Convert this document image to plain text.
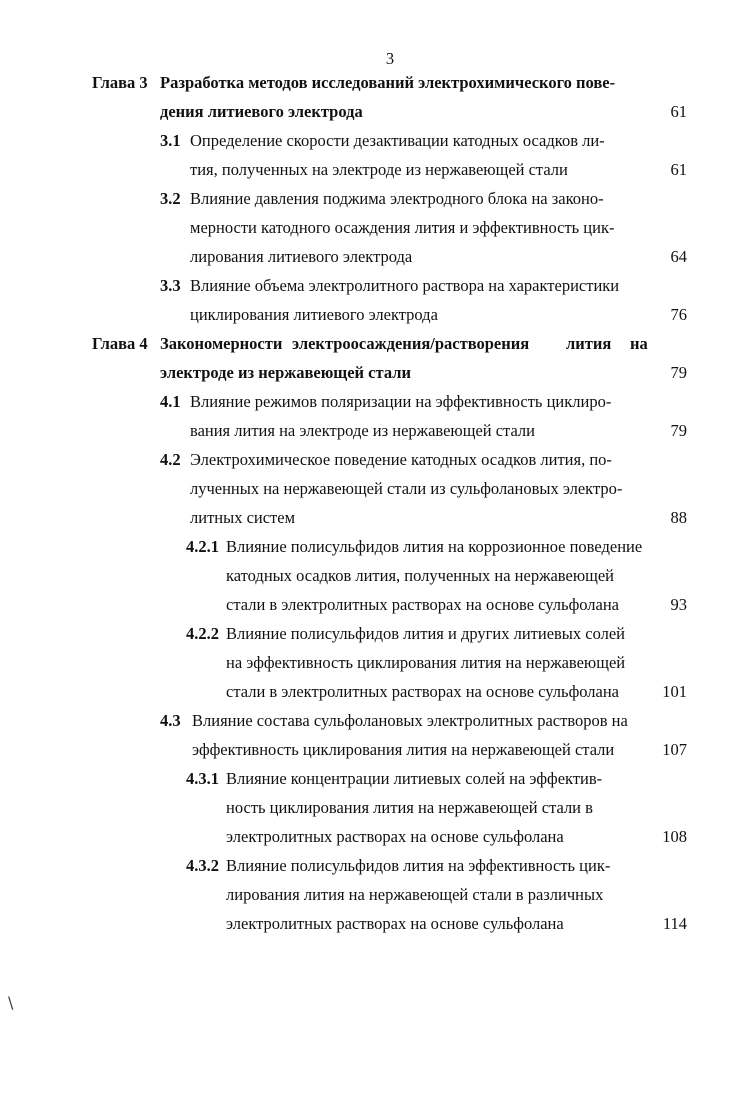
3
Глава 3 Разработка методов исследований электрохимического пове-
дения литиевого электрода	61
3.1 Определение скорости дезактивации катодных осадков ли-
тия, полученных на электроде из нержавеющей стали	61
3.2 Влияние давления поджима электродного блока на законо-
мерности катодного осаждения лития и эффективность цик-
лирования литиевого электрода	64
3.3 Влияние объема электролитного раствора на характеристики
циклирования литиевого электрода	76
Глава 4 Закономерности электроосаждения/растворения лития на
электроде из нержавеющей стали	79
4.1 Влияние режимов поляризации на эффективность циклиро-
вания лития на электроде из нержавеющей стали	79
4.2 Электрохимическое поведение катодных осадков лития, по-
лученных на нержавеющей стали из сульфолановых электро-
литных систем	88
4.2.1 Влияние полисульфидов лития на коррозионное поведение
катодных осадков лития, полученных на нержавеющей
стали в электролитных растворах на основе сульфолана	93
4.2.2 Влияние полисульфидов лития и других литиевых солей
на эффективность циклирования лития на нержавеющей
стали в электролитных растворах на основе сульфолана	101
4.3 Влияние состава сульфолановых электролитных растворов на
эффективность циклирования лития на нержавеющей стали	107
4.3.1 Влияние концентрации литиевых солей на эффектив-
ность циклирования лития на нержавеющей стали в
электролитных растворах на основе сульфолана	108
4.3.2 Влияние полисульфидов лития на эффективность цик-
лирования лития на нержавеющей стали в различных
электролитных растворах на основе сульфолана	114
\
